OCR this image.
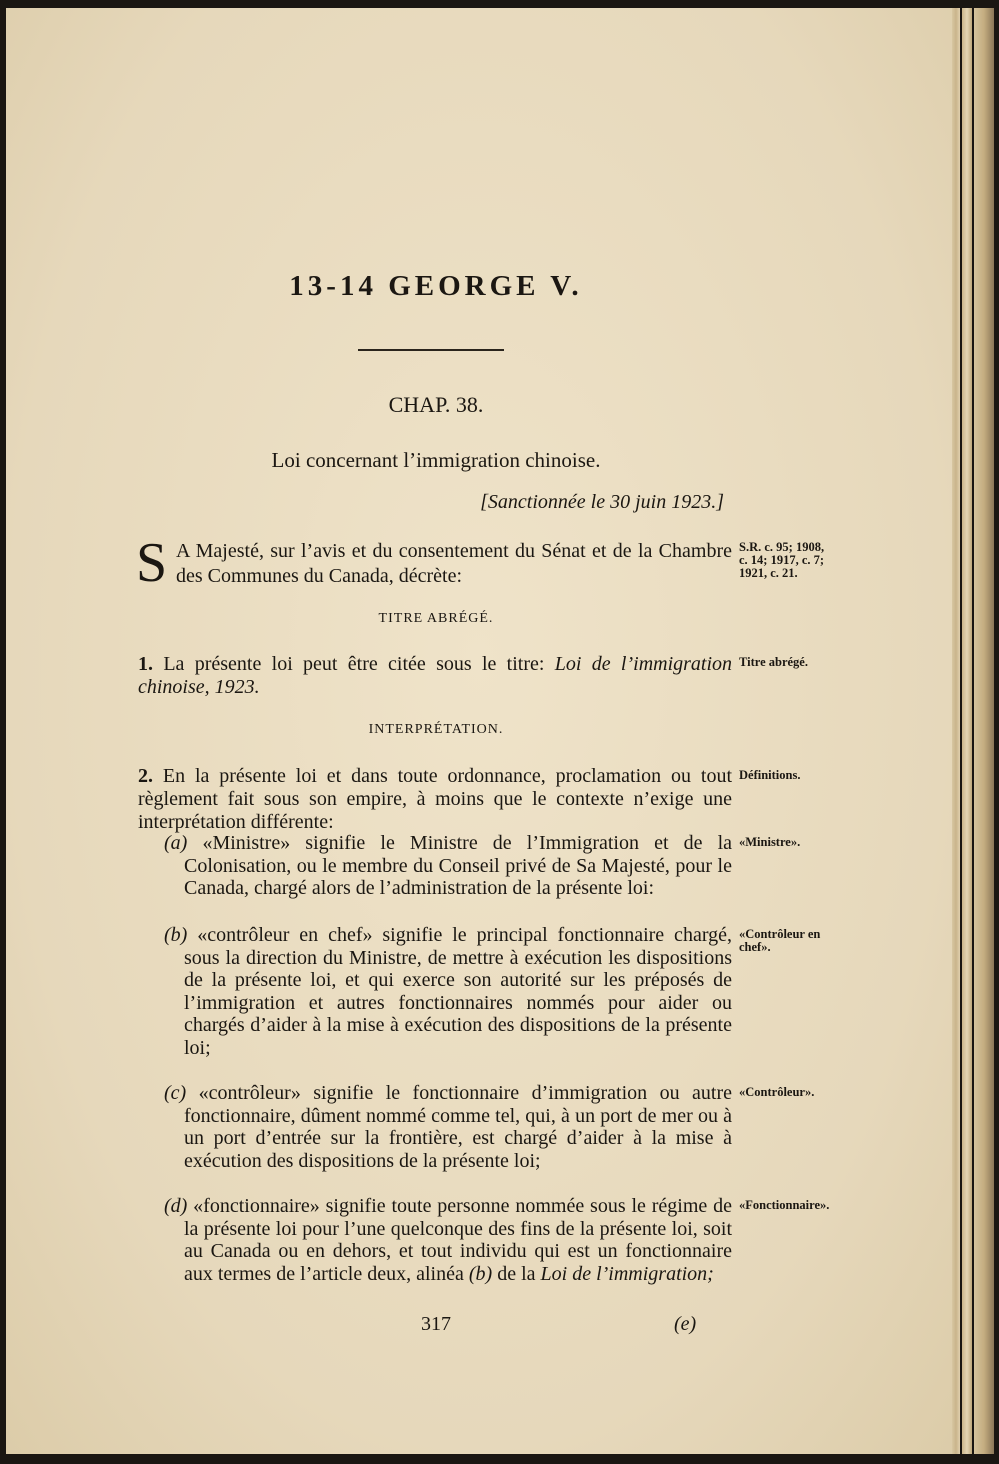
13-14 GEORGE V.
CHAP. 38.
Loi concernant l’immigration chinoise.
[Sanctionnée le 30 juin 1923.]
S A Majesté, sur l’avis et du consentement du Sénat et de la Chambre des Communes du Canada, décrète:
TITRE ABRÉGÉ.
1. La présente loi peut être citée sous le titre: Loi de l’immigration chinoise, 1923.
INTERPRÉTATION.
2. En la présente loi et dans toute ordonnance, proclamation ou tout règlement fait sous son empire, à moins que le contexte n’exige une interprétation différente:
(a) «Ministre» signifie le Ministre de l’Immigration et de la Colonisation, ou le membre du Conseil privé de Sa Majesté, pour le Canada, chargé alors de l’administration de la présente loi:
(b) «contrôleur en chef» signifie le principal fonctionnaire chargé, sous la direction du Ministre, de mettre à exécution les dispositions de la présente loi, et qui exerce son autorité sur les préposés de l’immigration et autres fonctionnaires nommés pour aider ou chargés d’aider à la mise à exécution des dispositions de la présente loi;
(c) «contrôleur» signifie le fonctionnaire d’immigration ou autre fonctionnaire, dûment nommé comme tel, qui, à un port de mer ou à un port d’entrée sur la frontière, est chargé d’aider à la mise à exécution des dispositions de la présente loi;
(d) «fonctionnaire» signifie toute personne nommée sous le régime de la présente loi pour l’une quelconque des fins de la présente loi, soit au Canada ou en dehors, et tout individu qui est un fonctionnaire aux termes de l’article deux, alinéa (b) de la Loi de l’immigration;
317	(e)
S.R. c. 95; 1908, c. 14; 1917, c. 7; 1921, c. 21.
Titre abrégé.
Définitions.
«Ministre».
«Contrôleur en chef».
«Contrôleur».
«Fonctionnaire».
